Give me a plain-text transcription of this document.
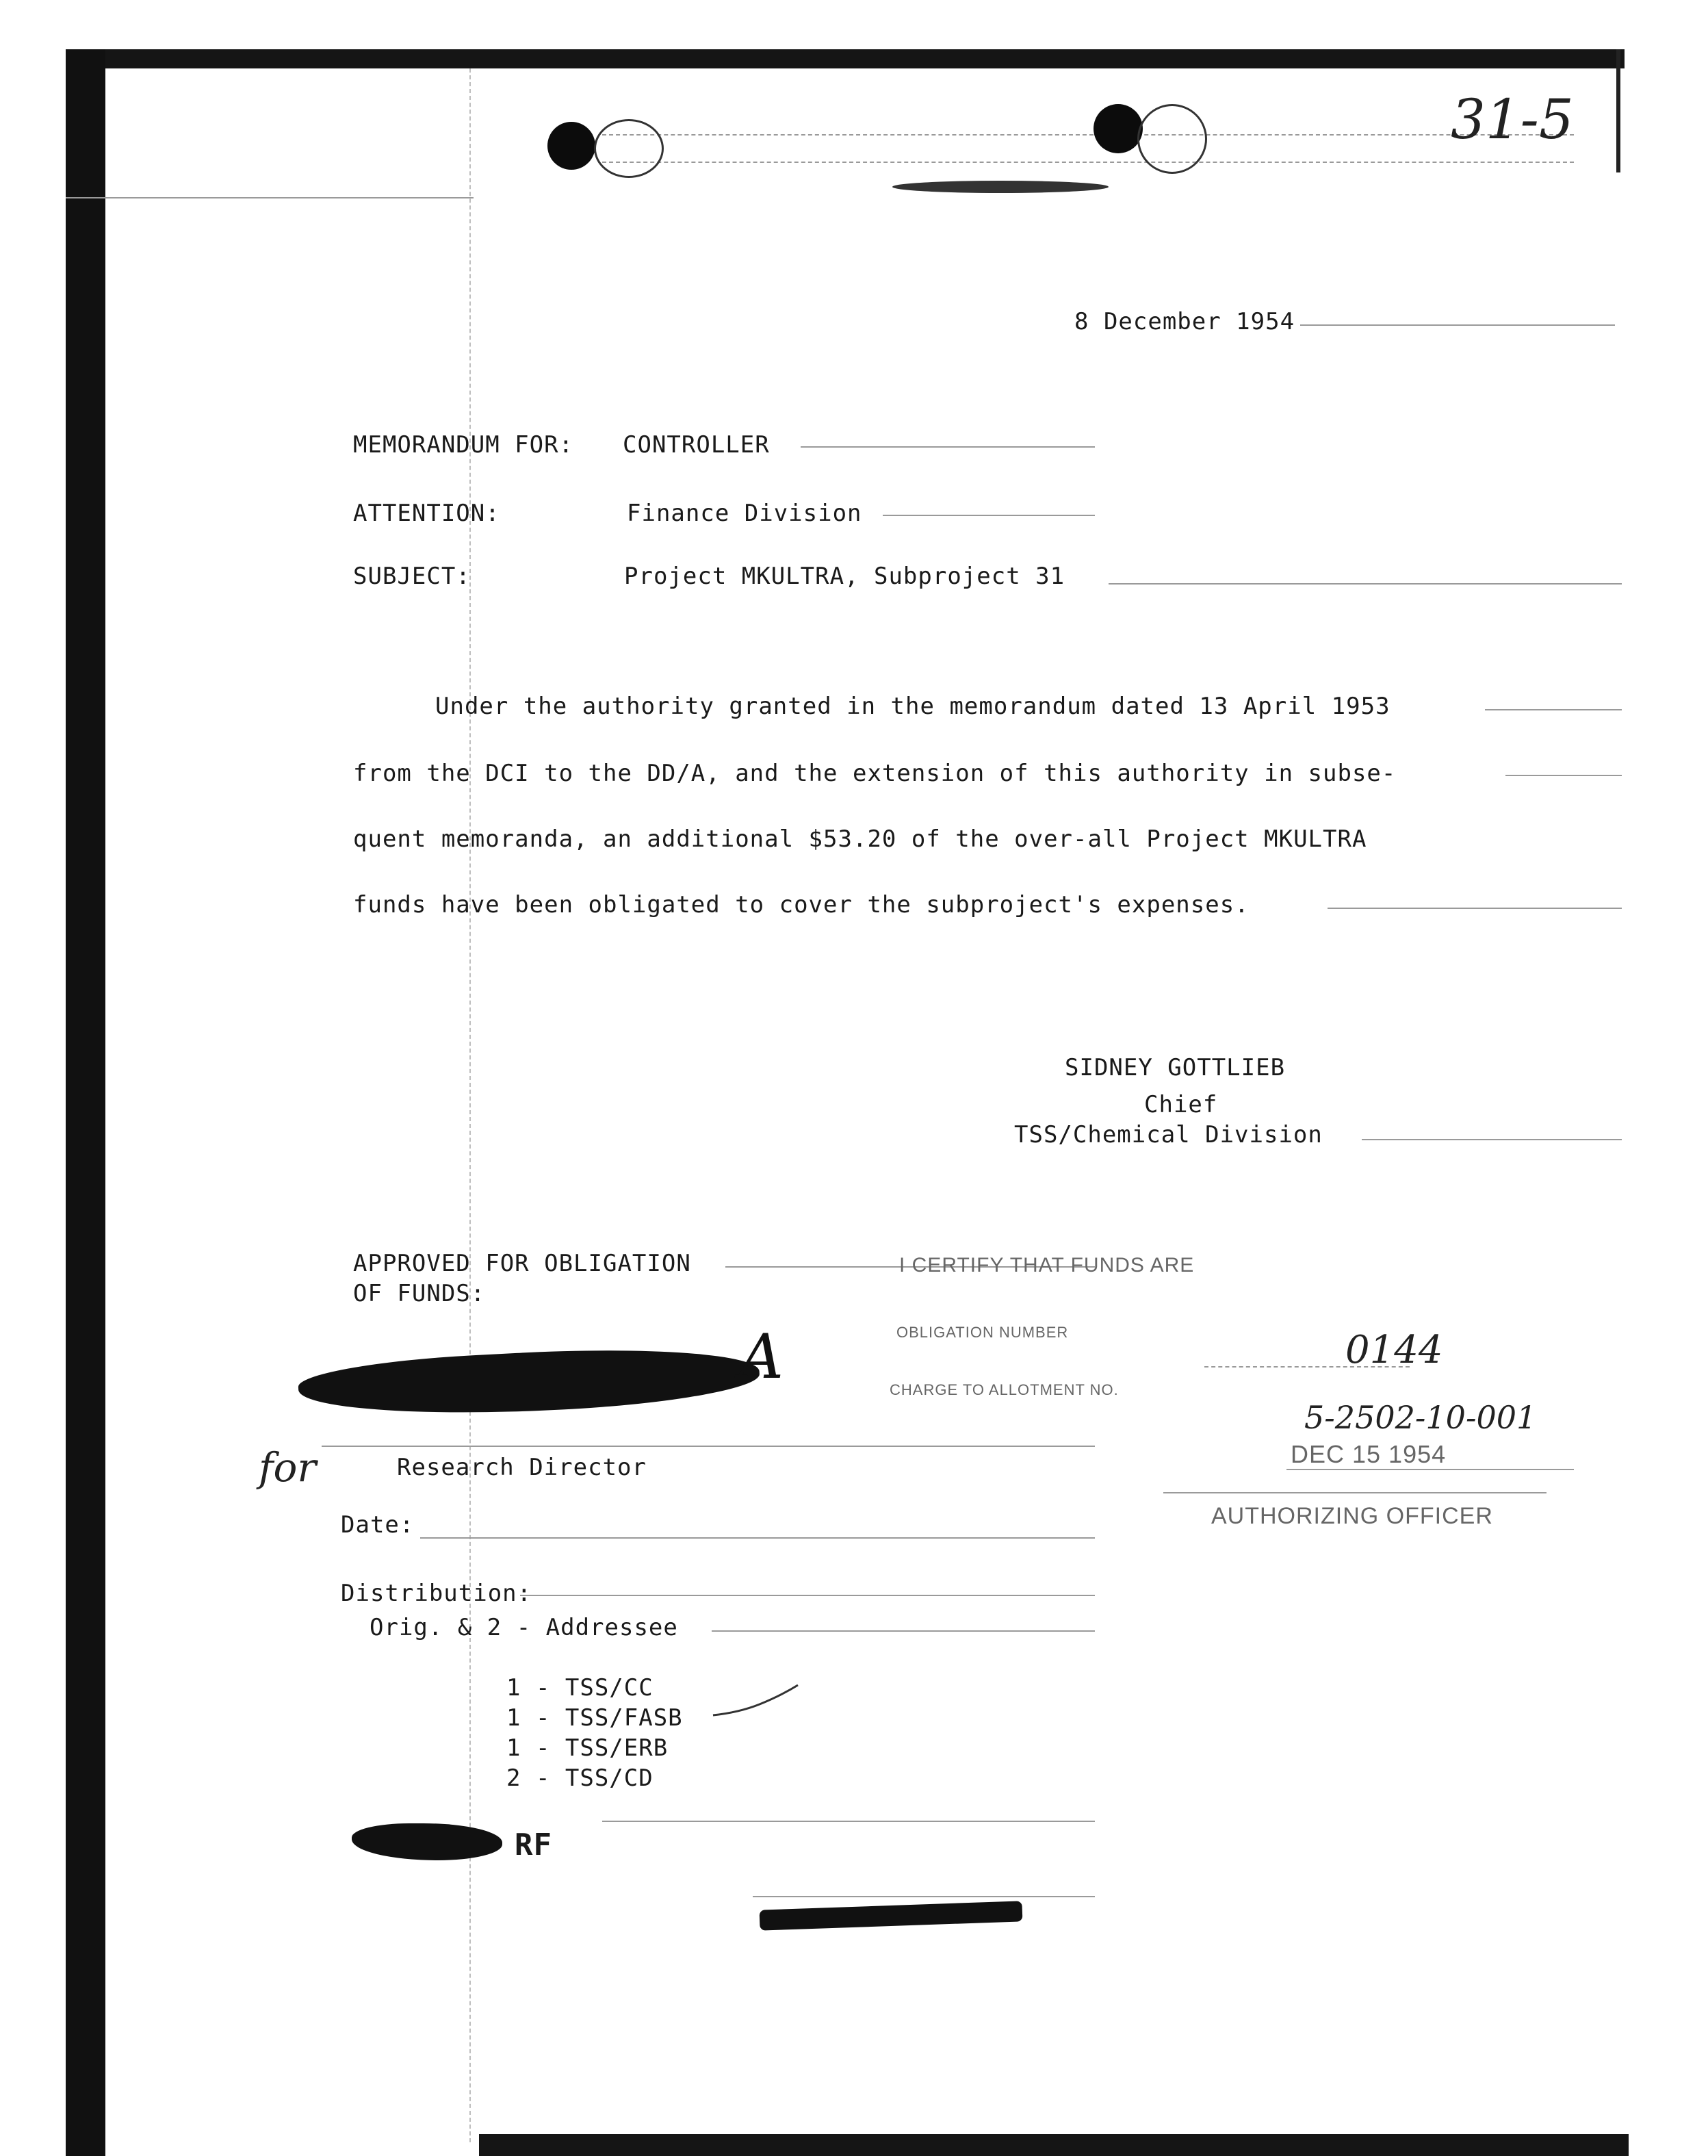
31-5
8 December 1954
MEMORANDUM FOR: CONTROLLER
ATTENTION:	Finance Division
SUBJECT:	Project MKULTRA, Subproject 31
Under the authority granted in the memorandum dated 13 April 1953
from the DCI to the DD/A, and the extension of this authority in subse-
quent memoranda, an additional $53.20 of the over-all Project MKULTRA
funds have been obligated to cover the subproject's expenses.
SIDNEY GOTTLIEB
Chief
TSS/Chemical Division
APPROVED FOR OBLIGATION
OF FUNDS:
A
for	Research Director
Date:
Distribution:
Orig. & 2 - Addressee
1 - TSS/CC
1 - TSS/FASB
1 - TSS/ERB
2 - TSS/CD
RF
I CERTIFY THAT FUNDS ARE
OBLIGATION NUMBER
CHARGE TO ALLOTMENT NO.
0144
5-2502-10-001
DEC 15 1954
AUTHORIZING OFFICER
